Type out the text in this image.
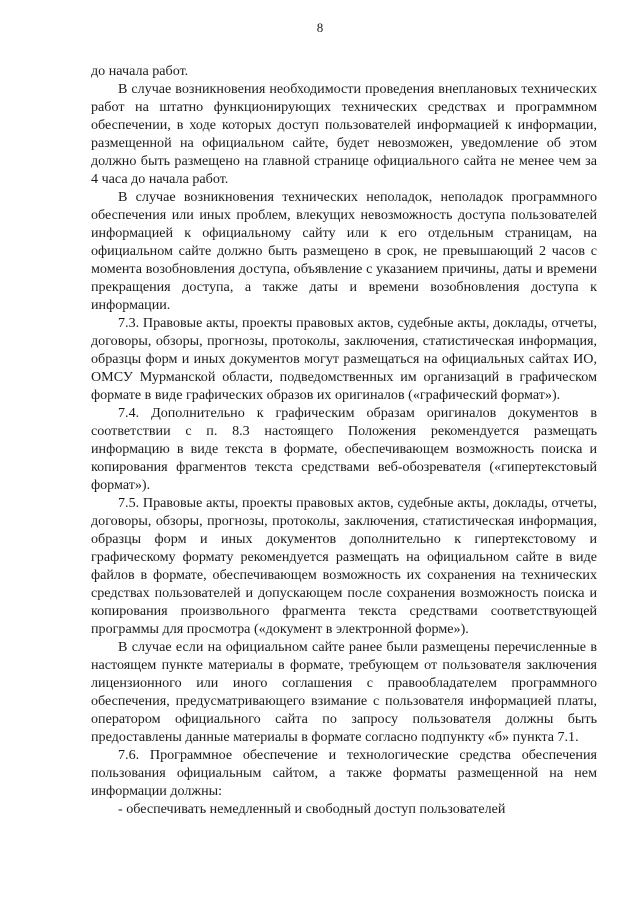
8

до начала работ.

В случае возникновения необходимости проведения внеплановых технических работ на штатно функционирующих технических средствах и программном обеспечении, в ходе которых доступ пользователей информацией к информации, размещенной на официальном сайте, будет невозможен, уведомление об этом должно быть размещено на главной странице официального сайта не менее чем за 4 часа до начала работ.

В случае возникновения технических неполадок, неполадок программного обеспечения или иных проблем, влекущих невозможность доступа пользователей информацией к официальному сайту или к его отдельным страницам, на официальном сайте должно быть размещено в срок, не превышающий 2 часов с момента возобновления доступа, объявление с указанием причины, даты и времени прекращения доступа, а также даты и времени возобновления доступа к информации.

7.3. Правовые акты, проекты правовых актов, судебные акты, доклады, отчеты, договоры, обзоры, прогнозы, протоколы, заключения, статистическая информация, образцы форм и иных документов могут размещаться на официальных сайтах ИО, ОМСУ Мурманской области, подведомственных им организаций в графическом формате в виде графических образов их оригиналов («графический формат»).

7.4. Дополнительно к графическим образам оригиналов документов в соответствии с п. 8.3 настоящего Положения рекомендуется размещать информацию в виде текста в формате, обеспечивающем возможность поиска и копирования фрагментов текста средствами веб-обозревателя («гипертекстовый формат»).

7.5. Правовые акты, проекты правовых актов, судебные акты, доклады, отчеты, договоры, обзоры, прогнозы, протоколы, заключения, статистическая информация, образцы форм и иных документов дополнительно к гипертекстовому и графическому формату рекомендуется размещать на официальном сайте в виде файлов в формате, обеспечивающем возможность их сохранения на технических средствах пользователей и допускающем после сохранения возможность поиска и копирования произвольного фрагмента текста средствами соответствующей программы для просмотра («документ в электронной форме»).

В случае если на официальном сайте ранее были размещены перечисленные в настоящем пункте материалы в формате, требующем от пользователя заключения лицензионного или иного соглашения с правообладателем программного обеспечения, предусматривающего взимание с пользователя информацией платы, оператором официального сайта по запросу пользователя должны быть предоставлены данные материалы в формате согласно подпункту «б» пункта 7.1.

7.6. Программное обеспечение и технологические средства обеспечения пользования официальным сайтом, а также форматы размещенной на нем информации должны:

- обеспечивать немедленный и свободный доступ пользователей
